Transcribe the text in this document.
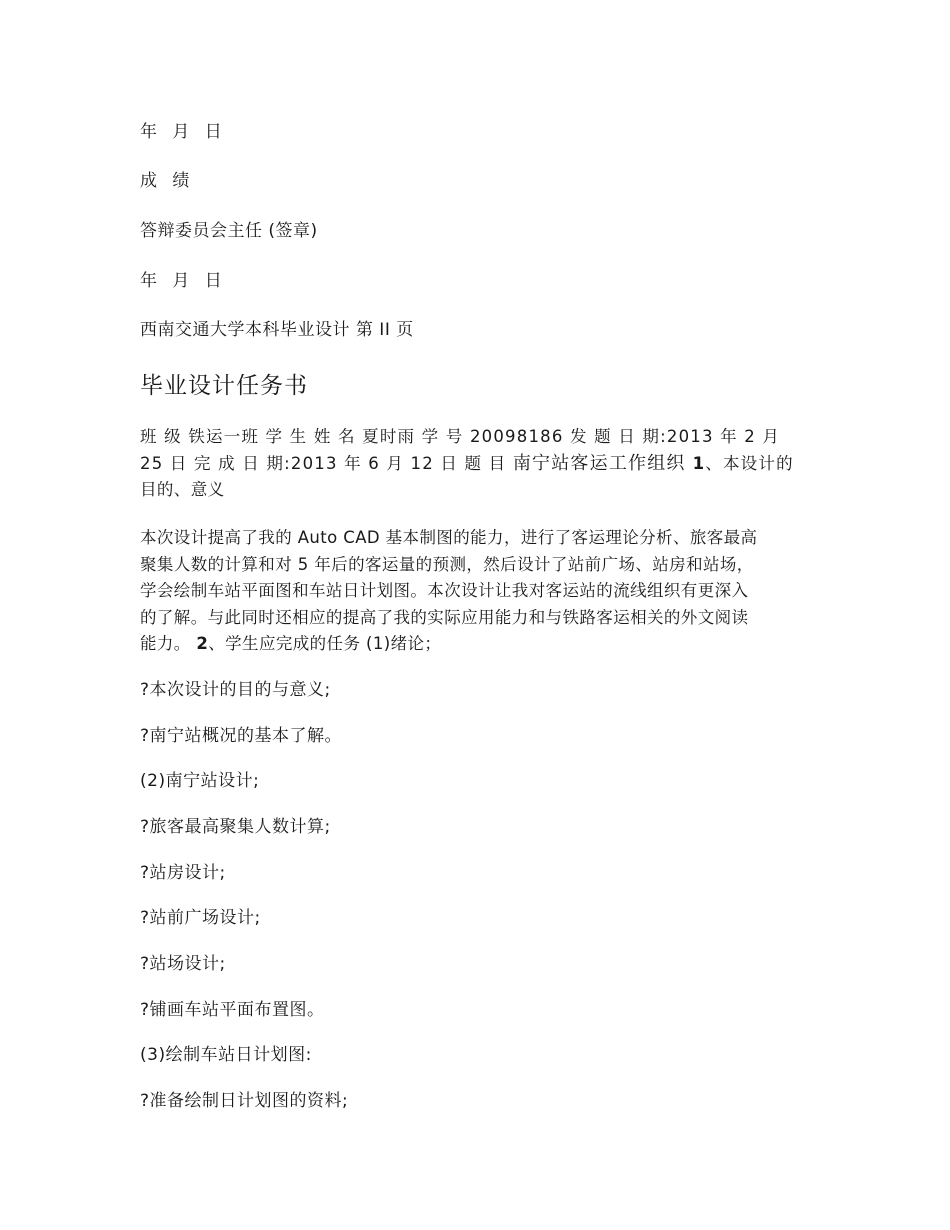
年 月 日
成 绩
答辩委员会主任 (签章)
年 月 日
西南交通大学本科毕业设计 第 II 页
毕业设计任务书

班 级 铁运一班 学 生 姓 名 夏时雨 学 号 20098186 发 题 日 期:2013 年 2 月

25 日 完 成 日 期:2013 年 6 月 12 日 题 目 南宁站客运工作组织 1、本设计的

目的、意义

本次设计提高了我的 Auto CAD 基本制图的能力，进行了客运理论分析、旅客最高

聚集人数的计算和对 5 年后的客运量的预测，然后设计了站前广场、站房和站场，

学会绘制车站平面图和车站日计划图。本次设计让我对客运站的流线组织有更深入

的了解。与此同时还相应的提高了我的实际应用能力和与铁路客运相关的外文阅读

能力。 2、学生应完成的任务 (1)绪论；

?本次设计的目的与意义;
?南宁站概况的基本了解。
(2)南宁站设计;
?旅客最高聚集人数计算;
?站房设计;
?站前广场设计;
?站场设计;
?铺画车站平面布置图。
(3)绘制车站日计划图:
?准备绘制日计划图的资料;
